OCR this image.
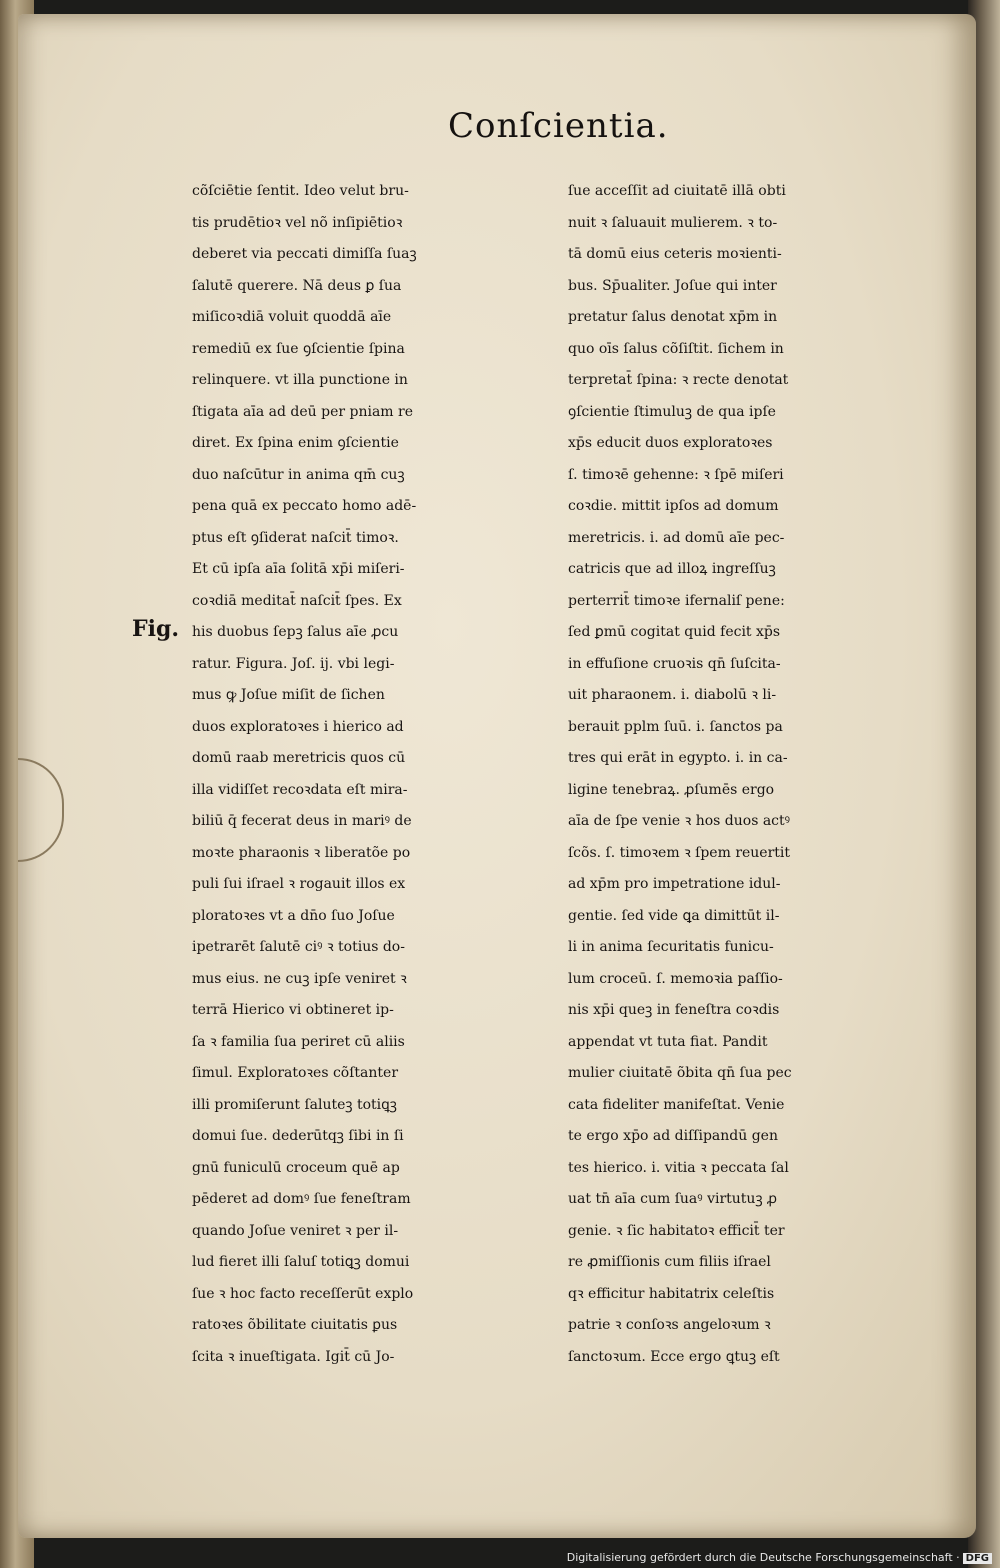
Conſcientia.
Fig.
cõſciētie ſentit. Ideo velut bru-
tis prudētioꝛ vel nõ inſipiētioꝛ
deberet via peccati dimiſſa ſuaꝫ
ſalutē querere. Nā deus ꝑ ſua
miſicoꝛdiā voluit quoddā aīe
remediū ex ſue ꝯſcientie ſpina
relinquere. vt illa punctione in
ſtigata aīa ad deū per pniam re
diret. Ex ſpina enim ꝯſcientie
duo naſcūtur in anima qm̄ cuꝫ
pena quā ex peccato homo adē-
ptus eſt ꝯſiderat naſcit̄ timoꝛ.
Et cū ipſa aīa ſolitā xp̄i miſeri-
coꝛdiā meditat̄ naſcit̄ ſpes. Ex
his duobus ſepꝫ ſalus aīe ꝓcu
ratur. Figura. Joſ. ij. vbi legi-
mus ꝙ Joſue miſit de ſichen
duos exploratoꝛes i hierico ad
domū raab meretricis quos cū
illa vidiſſet recoꝛdata eſt mira-
biliū q̄ fecerat deus in mariꝰ de
moꝛte pharaonis ꝛ liberatõe po
puli ſui iſrael ꝛ rogauit illos ex
ploratoꝛes vt a dn̄o ſuo Joſue
ipetrarēt ſalutē ciꝰ ꝛ totius do-
mus eius. ne cuꝫ ipſe veniret ꝛ
terrā Hierico vi obtineret ip-
ſa ꝛ familia ſua periret cū aliis
ſimul. Exploratoꝛes cõſtanter
illi promiſerunt ſaluteꝫ totiꝗꝫ
domui ſue. dederūtqꝫ ſibi in ſi
gnū funiculū croceum quē ap
pēderet ad domꝰ ſue feneſtram
quando Joſue veniret ꝛ per il-
lud fieret illi ſaluſ totiꝗꝫ domui
ſue ꝛ hoc facto receſſerūt explo
ratoꝛes õbilitate ciuitatis ꝑus
ſcita ꝛ inueſtigata. Igit̄ cū Jo-
ſue acceſſit ad ciuitatē illā obti
nuit ꝛ ſaluauit mulierem. ꝛ to-
tā domū eius ceteris moꝛienti-
bus. Sp̄ualiter. Joſue qui inter
pretatur ſalus denotat xp̄m in
quo oīs ſalus cõſiſtit. ſichem in
terpretat̄ ſpina: ꝛ recte denotat
ꝯſcientie ſtimuluꝫ de qua ipſe
xp̄s educit duos exploratoꝛes
ſ. timoꝛē gehenne: ꝛ ſpē miſeri
coꝛdie. mittit ipſos ad domum
meretricis. i. ad domū aīe pec-
catricis que ad illoꝝ ingreſſuꝫ
perterrit̄ timoꝛe ifernaliſ pene:
ſed ꝑmū cogitat quid fecit xp̄s
in effuſione cruoꝛis qn̄ ſuſcita-
uit pharaonem. i. diabolū ꝛ li-
berauit pplm ſuū. i. ſanctos pa
tres qui erāt in egypto. i. in ca-
ligine tenebraꝝ. ꝓſumēs ergo
aīa de ſpe venie ꝛ hos duos actꝰ
ſcõs. ſ. timoꝛem ꝛ ſpem reuertit
ad xp̄m pro impetratione idul-
gentie. ſed vide ꝗa dimittūt il-
li in anima ſecuritatis funicu-
lum croceū. ſ. memoꝛia paſſio-
nis xp̄i queꝫ in feneſtra coꝛdis
appendat vt tuta fiat. Pandit
mulier ciuitatē õbita qn̄ ſua pec
cata fideliter manifeſtat. Venie
te ergo xp̄o ad diſſipandū gen
tes hierico. i. vitia ꝛ peccata ſal
uat tn̄ aīa cum ſuaꝰ virtutuꝫ ꝓ
genie. ꝛ ſic habitatoꝛ efficit̄ ter
re ꝓmiſſionis cum filiis iſrael
qꝛ efficitur habitatrix celeſtis
patrie ꝛ conſoꝛs angeloꝛum ꝛ
ſanctoꝛum. Ecce ergo ꝗtuꝫ eſt
Digitalisierung gefördert durch die Deutsche Forschungsgemeinschaft · DFG
